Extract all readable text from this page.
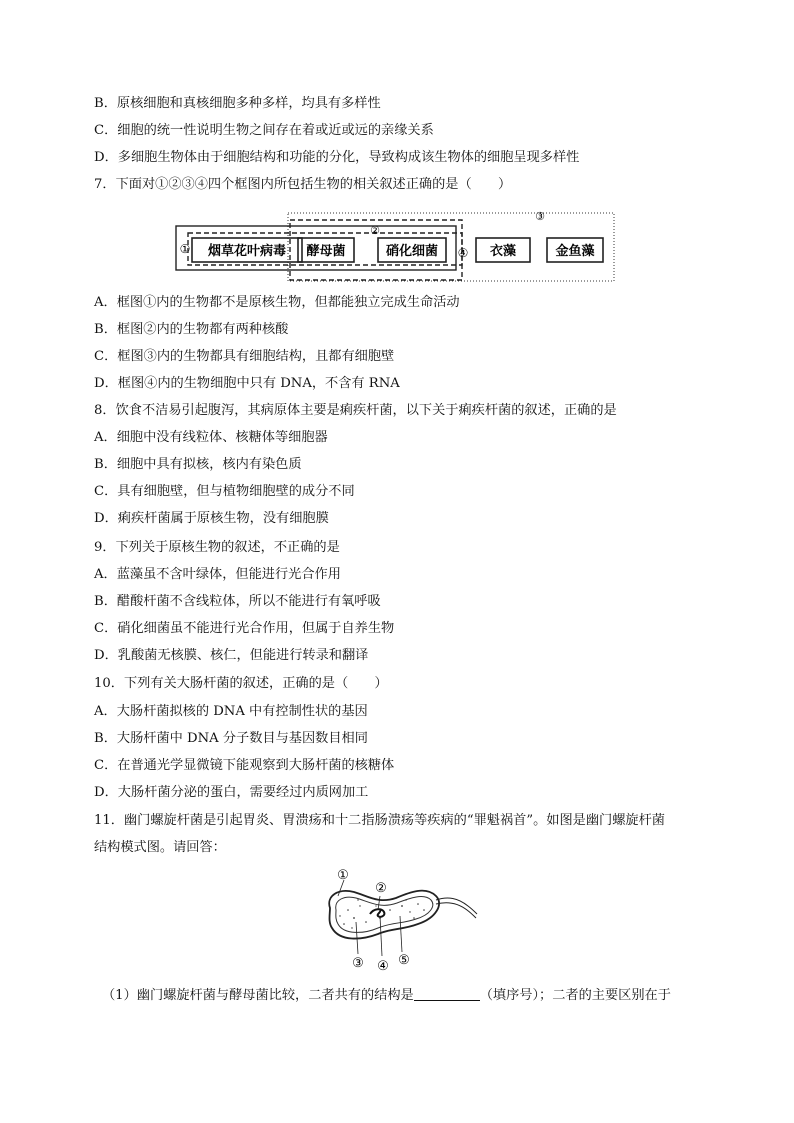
B．原核细胞和真核细胞多种多样，均具有多样性
C．细胞的统一性说明生物之间存在着或近或远的亲缘关系
D．多细胞生物体由于细胞结构和功能的分化，导致构成该生物体的细胞呈现多样性
7．下面对①②③④四个框图内所包括生物的相关叙述正确的是（　　）
③
①
②
④
烟草花叶病毒 酵母菌	硝化细菌	衣藻	金鱼藻
A．框图①内的生物都不是原核生物，但都能独立完成生命活动
B．框图②内的生物都有两种核酸
C．框图③内的生物都具有细胞结构，且都有细胞壁
D．框图④内的生物细胞中只有 DNA，不含有 RNA
8．饮食不洁易引起腹泻，其病原体主要是痢疾杆菌，以下关于痢疾杆菌的叙述，正确的是
A．细胞中没有线粒体、核糖体等细胞器
B．细胞中具有拟核，核内有染色质
C．具有细胞壁，但与植物细胞壁的成分不同
D．痢疾杆菌属于原核生物，没有细胞膜
9．下列关于原核生物的叙述，不正确的是
A．蓝藻虽不含叶绿体，但能进行光合作用
B．醋酸杆菌不含线粒体，所以不能进行有氧呼吸
C．硝化细菌虽不能进行光合作用，但属于自养生物
D．乳酸菌无核膜、核仁，但能进行转录和翻译
10．下列有关大肠杆菌的叙述，正确的是（　　）
A．大肠杆菌拟核的 DNA 中有控制性状的基因
B．大肠杆菌中 DNA 分子数目与基因数目相同
C．在普通光学显微镜下能观察到大肠杆菌的核糖体
D．大肠杆菌分泌的蛋白，需要经过内质网加工
11．幽门螺旋杆菌是引起胃炎、胃溃疡和十二指肠溃疡等疾病的“罪魁祸首”。如图是幽门螺旋杆菌
结构模式图。请回答：
①
②
③ ④ ⑤
（1）幽门螺旋杆菌与酵母菌比较，二者共有的结构是	（填序号）；二者的主要区别在于
